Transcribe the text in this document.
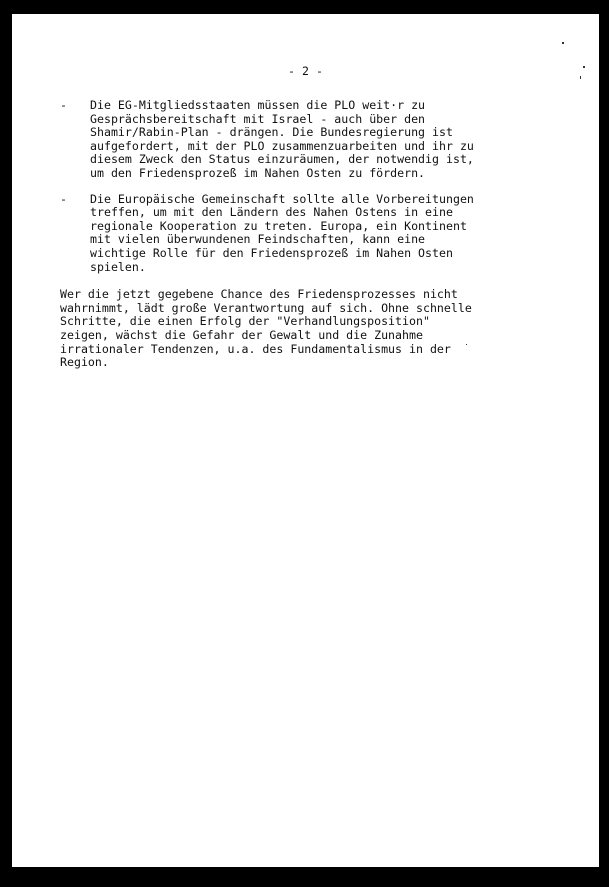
- 2 -
- Die EG-Mitgliedsstaaten müssen die PLO weit·r zu
Gesprächsbereitschaft mit Israel - auch über den
Shamir/Rabin-Plan - drängen. Die Bundesregierung ist
aufgefordert, mit der PLO zusammenzuarbeiten und ihr zu
diesem Zweck den Status einzuräumen, der notwendig ist,
um den Friedensprozeß im Nahen Osten zu fördern.
- Die Europäische Gemeinschaft sollte alle Vorbereitungen
treffen, um mit den Ländern des Nahen Ostens in eine
regionale Kooperation zu treten. Europa, ein Kontinent
mit vielen überwundenen Feindschaften, kann eine
wichtige Rolle für den Friedensprozeß im Nahen Osten
spielen.
Wer die jetzt gegebene Chance des Friedensprozesses nicht
wahrnimmt, lädt große Verantwortung auf sich. Ohne schnelle
Schritte, die einen Erfolg der "Verhandlungsposition"
zeigen, wächst die Gefahr der Gewalt und die Zunahme
irrationaler Tendenzen, u.a. des Fundamentalismus in der
Region.
